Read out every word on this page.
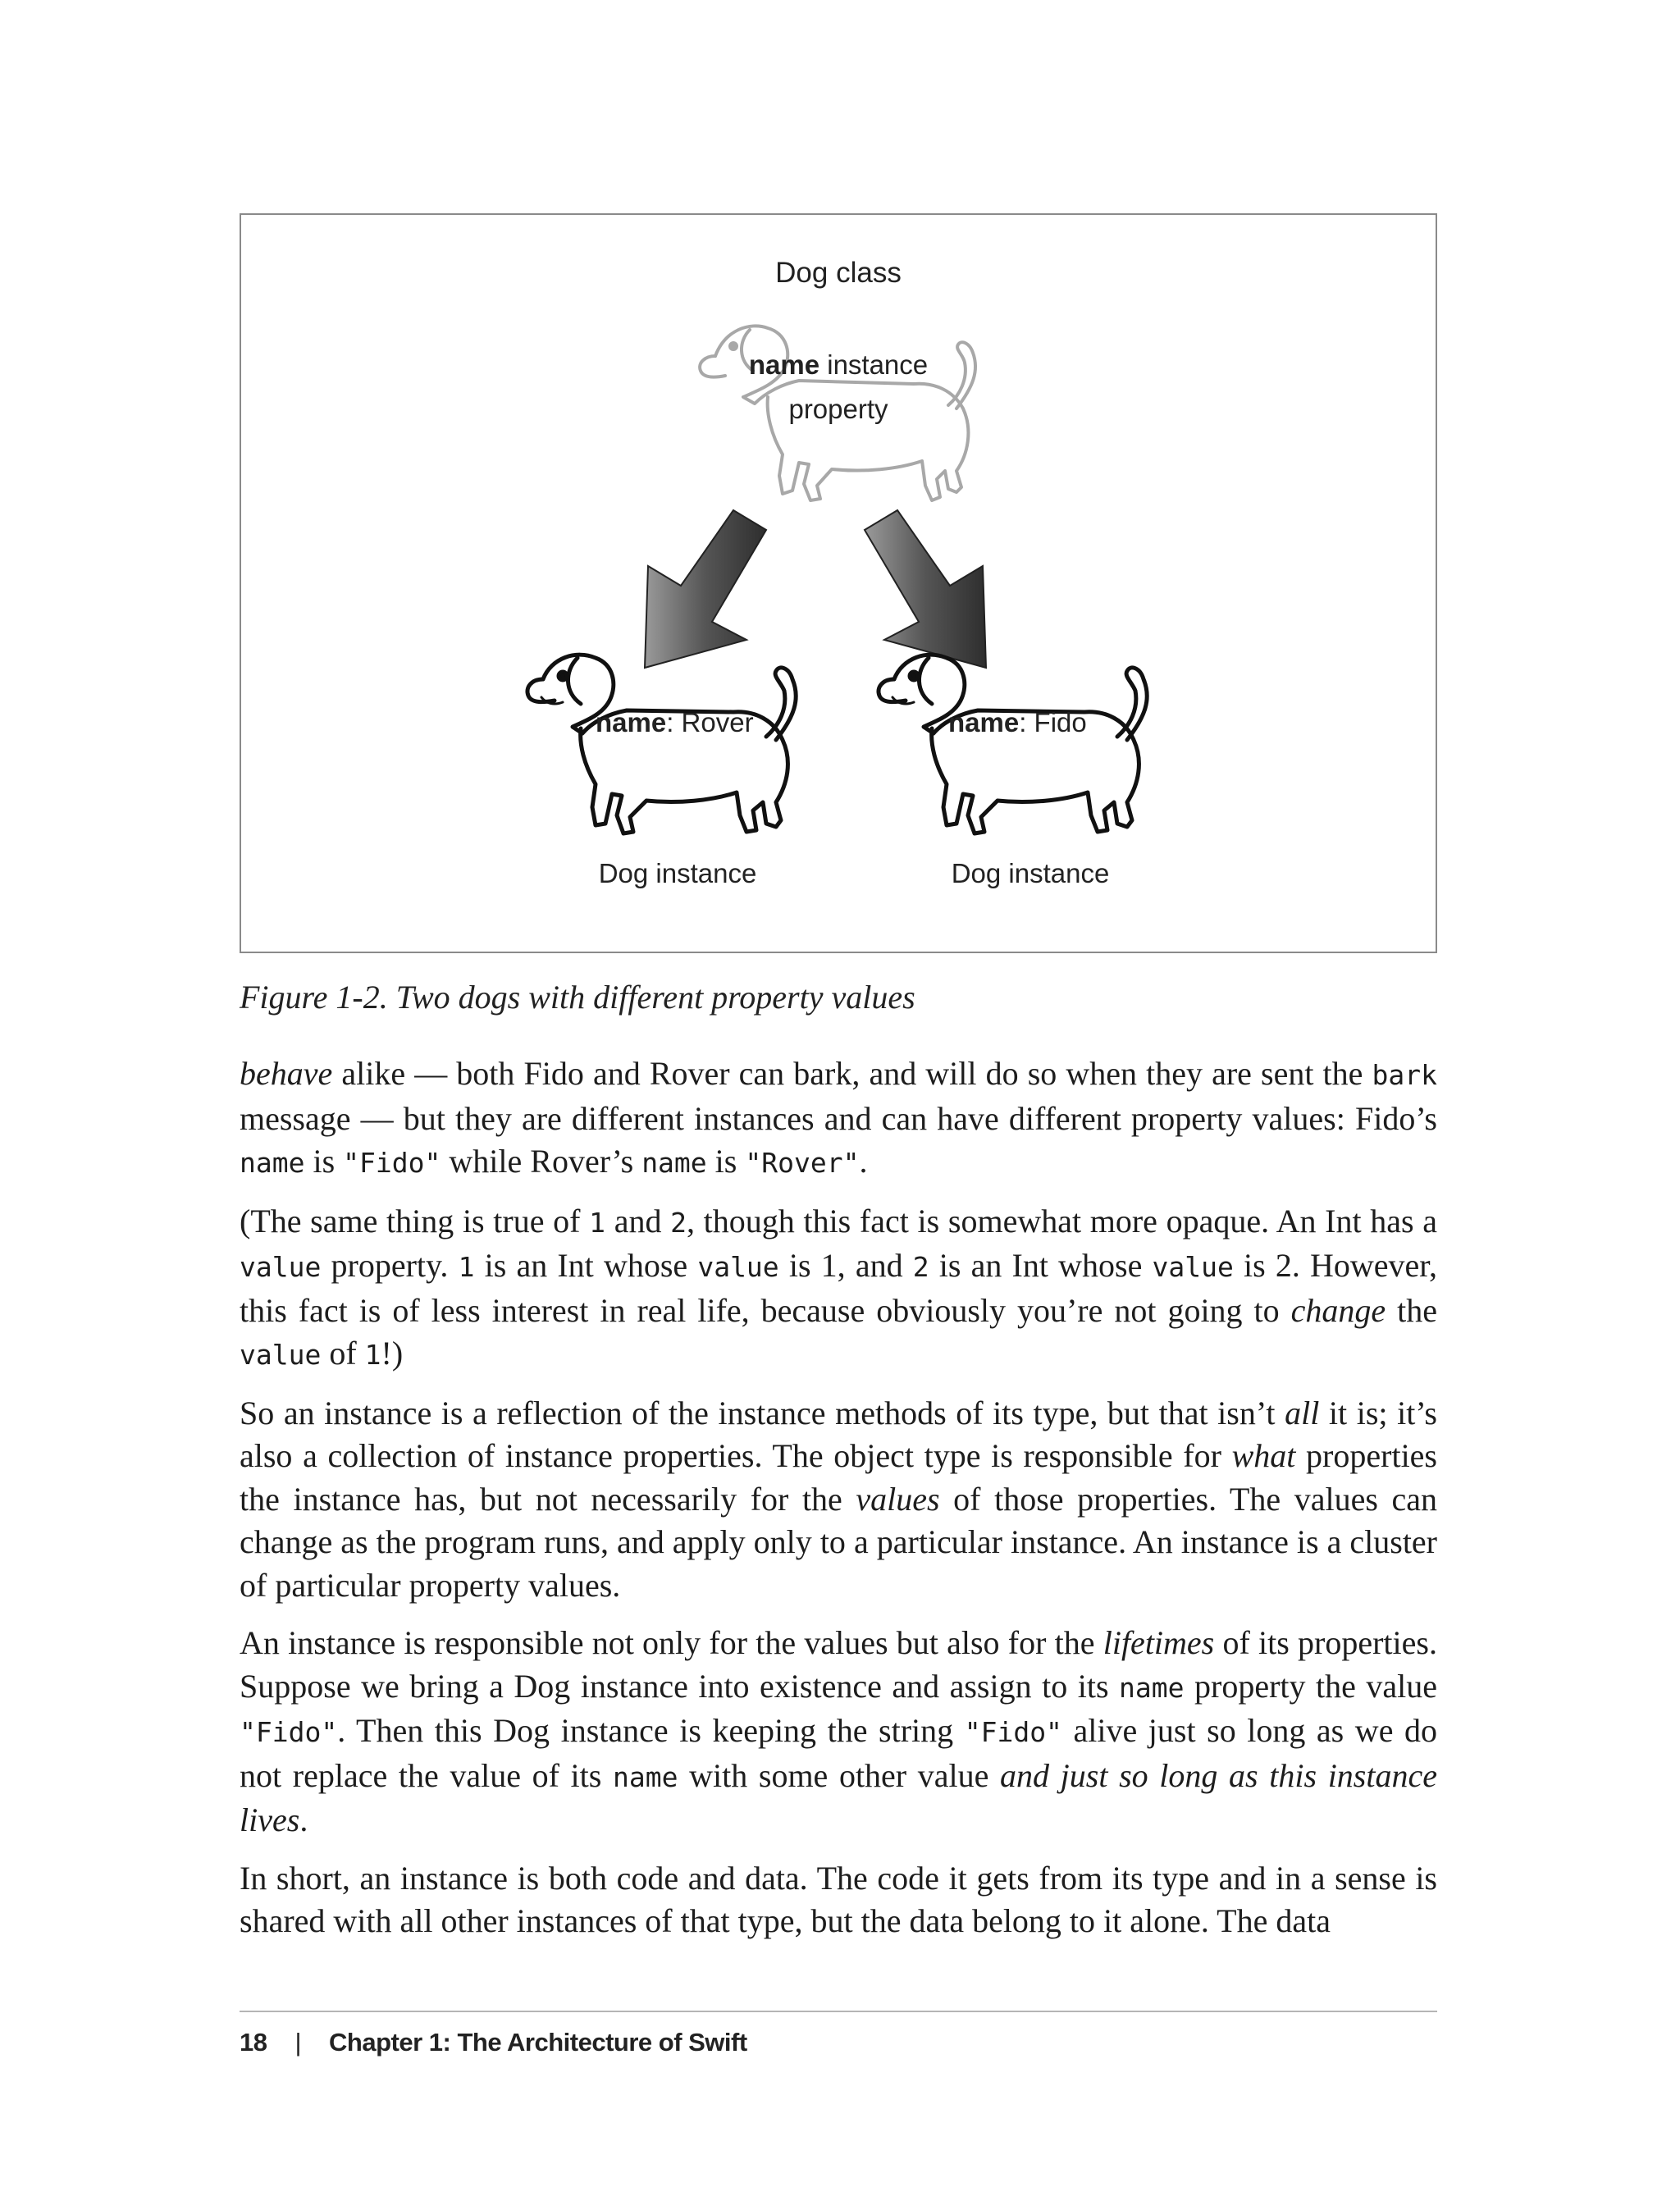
Dog class
name instance
property
name: Rover	name: Fido
Dog instance	Dog instance
Figure 1-2. Two dogs with different property values

behave alike — both Fido and Rover can bark, and will do so when they are sent the bark message — but they are different instances and can have different property values: Fido’s name is "Fido" while Rover’s name is "Rover".

(The same thing is true of 1 and 2, though this fact is somewhat more opaque. An Int has a value property. 1 is an Int whose value is 1, and 2 is an Int whose value is 2. However, this fact is of less interest in real life, because obviously you’re not going to change the value of 1!)

So an instance is a reflection of the instance methods of its type, but that isn’t all it is; it’s also a collection of instance properties. The object type is responsible for what properties the instance has, but not necessarily for the values of those properties. The values can change as the program runs, and apply only to a particular instance. An instance is a cluster of particular property values.

An instance is responsible not only for the values but also for the lifetimes of its properties. Suppose we bring a Dog instance into existence and assign to its name property the value "Fido". Then this Dog instance is keeping the string "Fido" alive just so long as we do not replace the value of its name with some other value and just so long as this instance lives.

In short, an instance is both code and data. The code it gets from its type and in a sense is shared with all other instances of that type, but the data belong to it alone. The data

18 | Chapter 1: The Architecture of Swift
